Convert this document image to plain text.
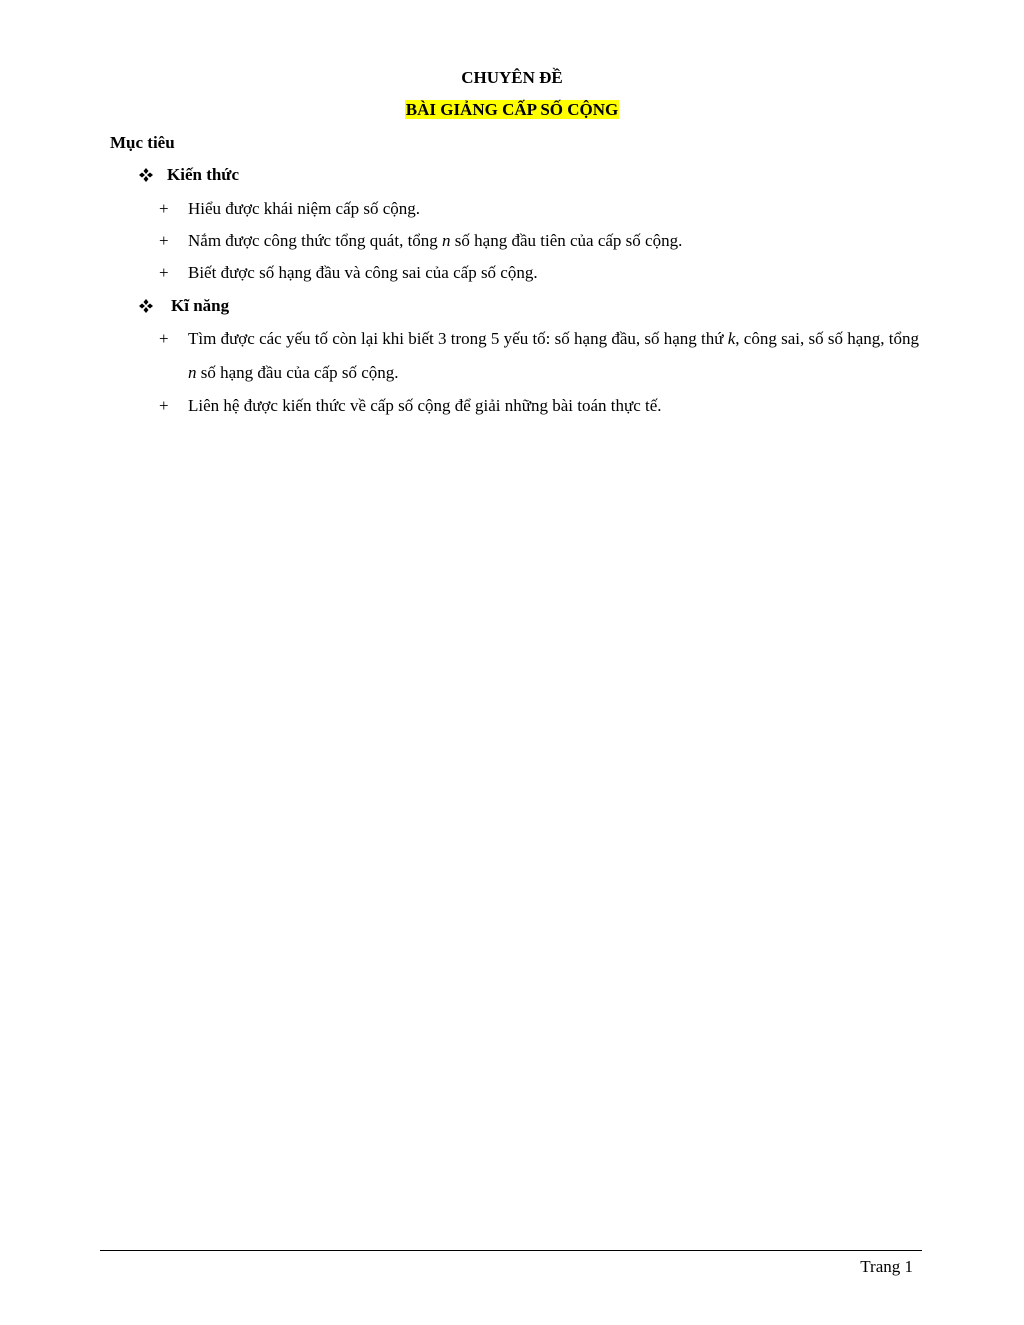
CHUYÊN ĐỀ
BÀI GIẢNG CẤP SỐ CỘNG
Mục tiêu
Kiến thức
+	Hiểu được khái niệm cấp số cộng.
+	Nắm được công thức tổng quát, tổng n số hạng đầu tiên của cấp số cộng.
+	Biết được số hạng đầu và công sai của cấp số cộng.
Kĩ năng
+	Tìm được các yếu tố còn lại khi biết 3 trong 5 yếu tố: số hạng đầu, số hạng thứ k, công sai, số số hạng, tổng n số hạng đầu của cấp số cộng.
+	Liên hệ được kiến thức về cấp số cộng để giải những bài toán thực tế.
Trang 1
